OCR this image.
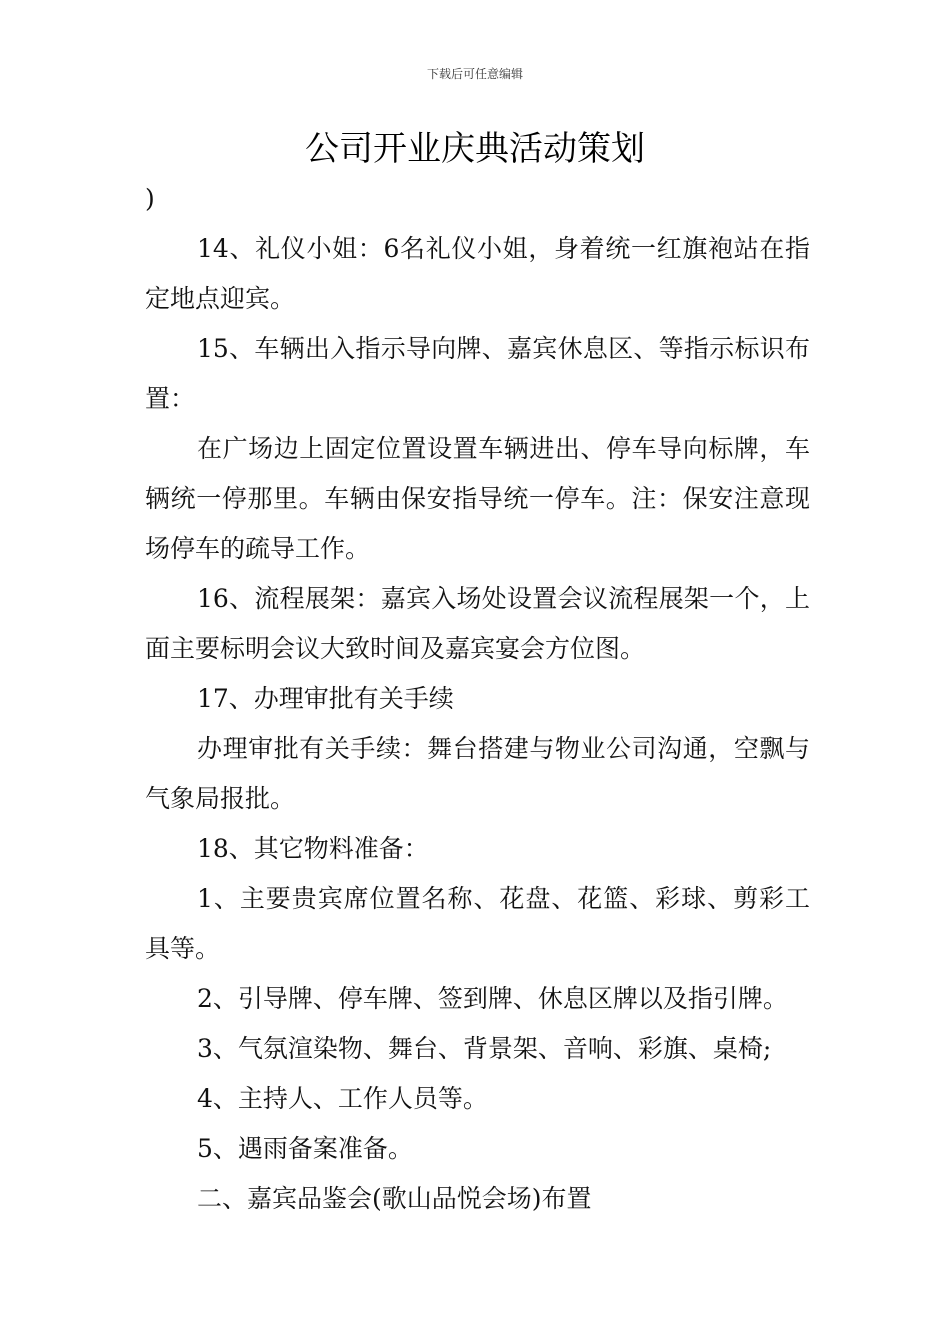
下载后可任意编辑
公司开业庆典活动策划

)

14、礼仪小姐：6名礼仪小姐，身着统一红旗袍站在指定地点迎宾。

15、车辆出入指示导向牌、嘉宾休息区、等指示标识布置：

在广场边上固定位置设置车辆进出、停车导向标牌，车辆统一停那里。车辆由保安指导统一停车。注：保安注意现场停车的疏导工作。

16、流程展架：嘉宾入场处设置会议流程展架一个，上面主要标明会议大致时间及嘉宾宴会方位图。

17、办理审批有关手续

办理审批有关手续：舞台搭建与物业公司沟通，空飘与气象局报批。

18、其它物料准备：

1、主要贵宾席位置名称、花盘、花篮、彩球、剪彩工具等。

2、引导牌、停车牌、签到牌、休息区牌以及指引牌。

3、气氛渲染物、舞台、背景架、音响、彩旗、桌椅;

4、主持人、工作人员等。

5、遇雨备案准备。

二、嘉宾品鉴会(歌山品悦会场)布置
